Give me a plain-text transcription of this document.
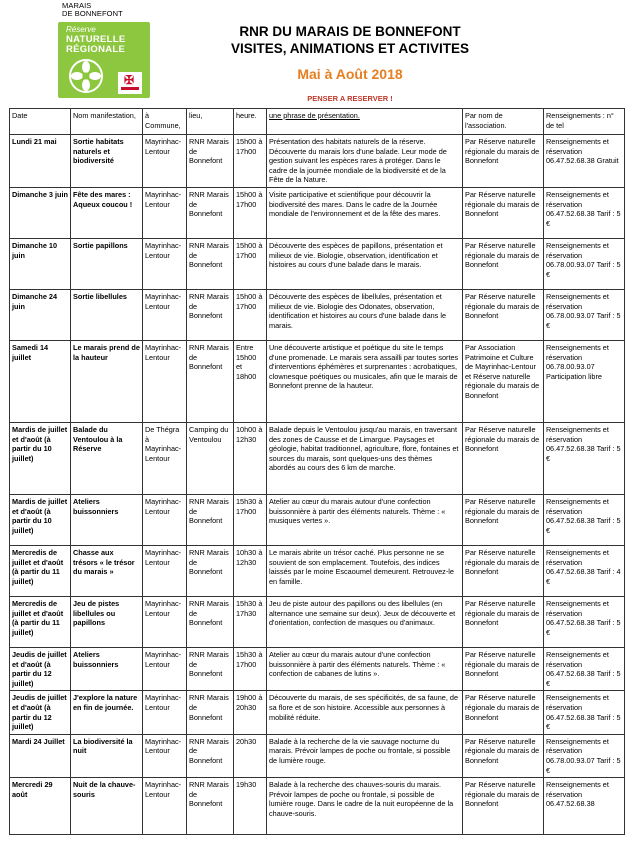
MARAIS
DE BONNEFONT
Réserve
NATURELLE
RÉGIONALE
✠
RNR DU MARAIS DE BONNEFONT
VISITES, ANIMATIONS ET ACTIVITES
Mai à Août 2018
PENSER A RESERVER !
Date	Nom manifestation,	à Commune,	lieu,	heure.	une phrase de présentation.	Par nom de l'association.	Renseignements : n° de tel
Lundi 21 mai	Sortie habitats naturels et biodiversité	Mayrinhac-Lentour	RNR Marais de Bonnefont	15h00 à 17h00	Présentation des habitats naturels de la réserve. Découverte du marais lors d'une balade. Leur mode de gestion suivant les espèces rares à protéger. Dans le cadre de la journée mondiale de la biodiversité et de la Fête de la Nature.	Par Réserve naturelle régionale du marais de Bonnefont	Renseignements et réservation 06.47.52.68.38 Gratuit
Dimanche 3 juin	Fête des mares : Aqueux coucou !	Mayrinhac-Lentour	RNR Marais de Bonnefont	15h00 à 17h00	Visite participative et scientifique pour découvrir la biodiversité des mares. Dans le cadre de la Journée mondiale de l'environnement et de la fête des mares.	Par Réserve naturelle régionale du marais de Bonnefont	Renseignements et réservation 06.47.52.68.38 Tarif : 5 €
Dimanche 10 juin	Sortie papillons	Mayrinhac-Lentour	RNR Marais de Bonnefont	15h00 à 17h00	Découverte des espèces de papillons, présentation et milieux de vie. Biologie, observation, identification et histoires au cours d'une balade dans le marais.	Par Réserve naturelle régionale du marais de Bonnefont	Renseignements et réservation 06.78.00.93.07 Tarif : 5 €
Dimanche 24 juin	Sortie libellules	Mayrinhac-Lentour	RNR Marais de Bonnefont	15h00 à 17h00	Découverte des espèces de libellules, présentation et milieux de vie. Biologie des Odonates, observation, identification et histoires au cours d'une balade dans le marais.	Par Réserve naturelle régionale du marais de Bonnefont	Renseignements et réservation 06.78.00.93.07 Tarif : 5 €
Samedi 14 juillet	Le marais prend de la hauteur	Mayrinhac-Lentour	RNR Marais de Bonnefont	Entre 15h00 et 18h00	Une découverte artistique et poétique du site le temps d'une promenade. Le marais sera assailli par toutes sortes d'interventions éphémères et surprenantes : acrobatiques, clownesque poétiques ou musicales, afin que le marais de Bonnefont prenne de la hauteur.	Par Association Patrimoine et Culture de Mayrinhac-Lentour et Réserve naturelle régionale du marais de Bonnefont	Renseignements et réservation 06.78.00.93.07 Participation libre
Mardis de juillet et d'août (à partir du 10 juillet)	Balade du Ventoulou à la Réserve	De Thégra à Mayrinhac-Lentour	Camping du Ventoulou	10h00 à 12h30	Balade depuis le Ventoulou jusqu'au marais, en traversant des zones de Causse et de Limargue. Paysages et géologie, habitat traditionnel, agriculture, flore, fontaines et sources du marais, sont quelques-uns des thèmes abordés au cours des 6 km de marche.	Par Réserve naturelle régionale du marais de Bonnefont	Renseignements et réservation 06.47.52.68.38 Tarif : 5 €
Mardis de juillet et d'août (à partir du 10 juillet)	Ateliers buissonniers	Mayrinhac-Lentour	RNR Marais de Bonnefont	15h30 à 17h00	Atelier au cœur du marais autour d'une confection buissonnière à partir des éléments naturels. Thème : « musiques vertes ».	Par Réserve naturelle régionale du marais de Bonnefont	Renseignements et réservation 06.47.52.68.38 Tarif : 5 €
Mercredis de juillet et d'août (à partir du 11 juillet)	Chasse aux trésors « le trésor du marais »	Mayrinhac-Lentour	RNR Marais de Bonnefont	10h30 à 12h30	Le marais abrite un trésor caché. Plus personne ne se souvient de son emplacement. Toutefois, des indices laissés par le moine Escaoumel demeurent. Retrouvez-le en famille.	Par Réserve naturelle régionale du marais de Bonnefont	Renseignements et réservation 06.47.52.68.38 Tarif : 4 €
Mercredis de juillet et d'août (à partir du 11 juillet)	Jeu de pistes libellules ou papillons	Mayrinhac-Lentour	RNR Marais de Bonnefont	15h30 à 17h30	Jeu de piste autour des papillons ou des libellules (en alternance une semaine sur deux). Jeux de découverte et d'orientation, confection de masques ou d'animaux.	Par Réserve naturelle régionale du marais de Bonnefont	Renseignements et réservation 06.47.52.68.38 Tarif : 5 €
Jeudis de juillet et d'août (à partir du 12 juillet)	Ateliers buissonniers	Mayrinhac-Lentour	RNR Marais de Bonnefont	15h30 à 17h00	Atelier au cœur du marais autour d'une confection buissonnière à partir des éléments naturels. Thème : « confection de cabanes de lutins ».	Par Réserve naturelle régionale du marais de Bonnefont	Renseignements et réservation 06.47.52.68.38 Tarif : 5 €
Jeudis de juillet et d'août (à partir du 12 juillet)	J'explore la nature en fin de journée.	Mayrinhac-Lentour	RNR Marais de Bonnefont	19h00 à 20h30	Découverte du marais, de ses spécificités, de sa faune, de sa flore et de son histoire. Accessible aux personnes à mobilité réduite.	Par Réserve naturelle régionale du marais de Bonnefont	Renseignements et réservation 06.47.52.68.38 Tarif : 5 €
Mardi 24 Juillet	La biodiversité la nuit	Mayrinhac-Lentour	RNR Marais de Bonnefont	20h30	Balade à la recherche de la vie sauvage nocturne du marais. Prévoir lampes de poche ou frontale, si possible de lumière rouge.	Par Réserve naturelle régionale du marais de Bonnefont	Renseignements et réservation 06.78.00.93.07 Tarif : 5 €
Mercredi 29 août	Nuit de la chauve-souris	Mayrinhac-Lentour	RNR Marais de Bonnefont	19h30	Balade à la recherche des chauves-souris du marais. Prévoir lampes de poche ou frontale, si possible de lumière rouge. Dans le cadre de la nuit européenne de la chauve-souris.	Par Réserve naturelle régionale du marais de Bonnefont	Renseignements et réservation 06.47.52.68.38
